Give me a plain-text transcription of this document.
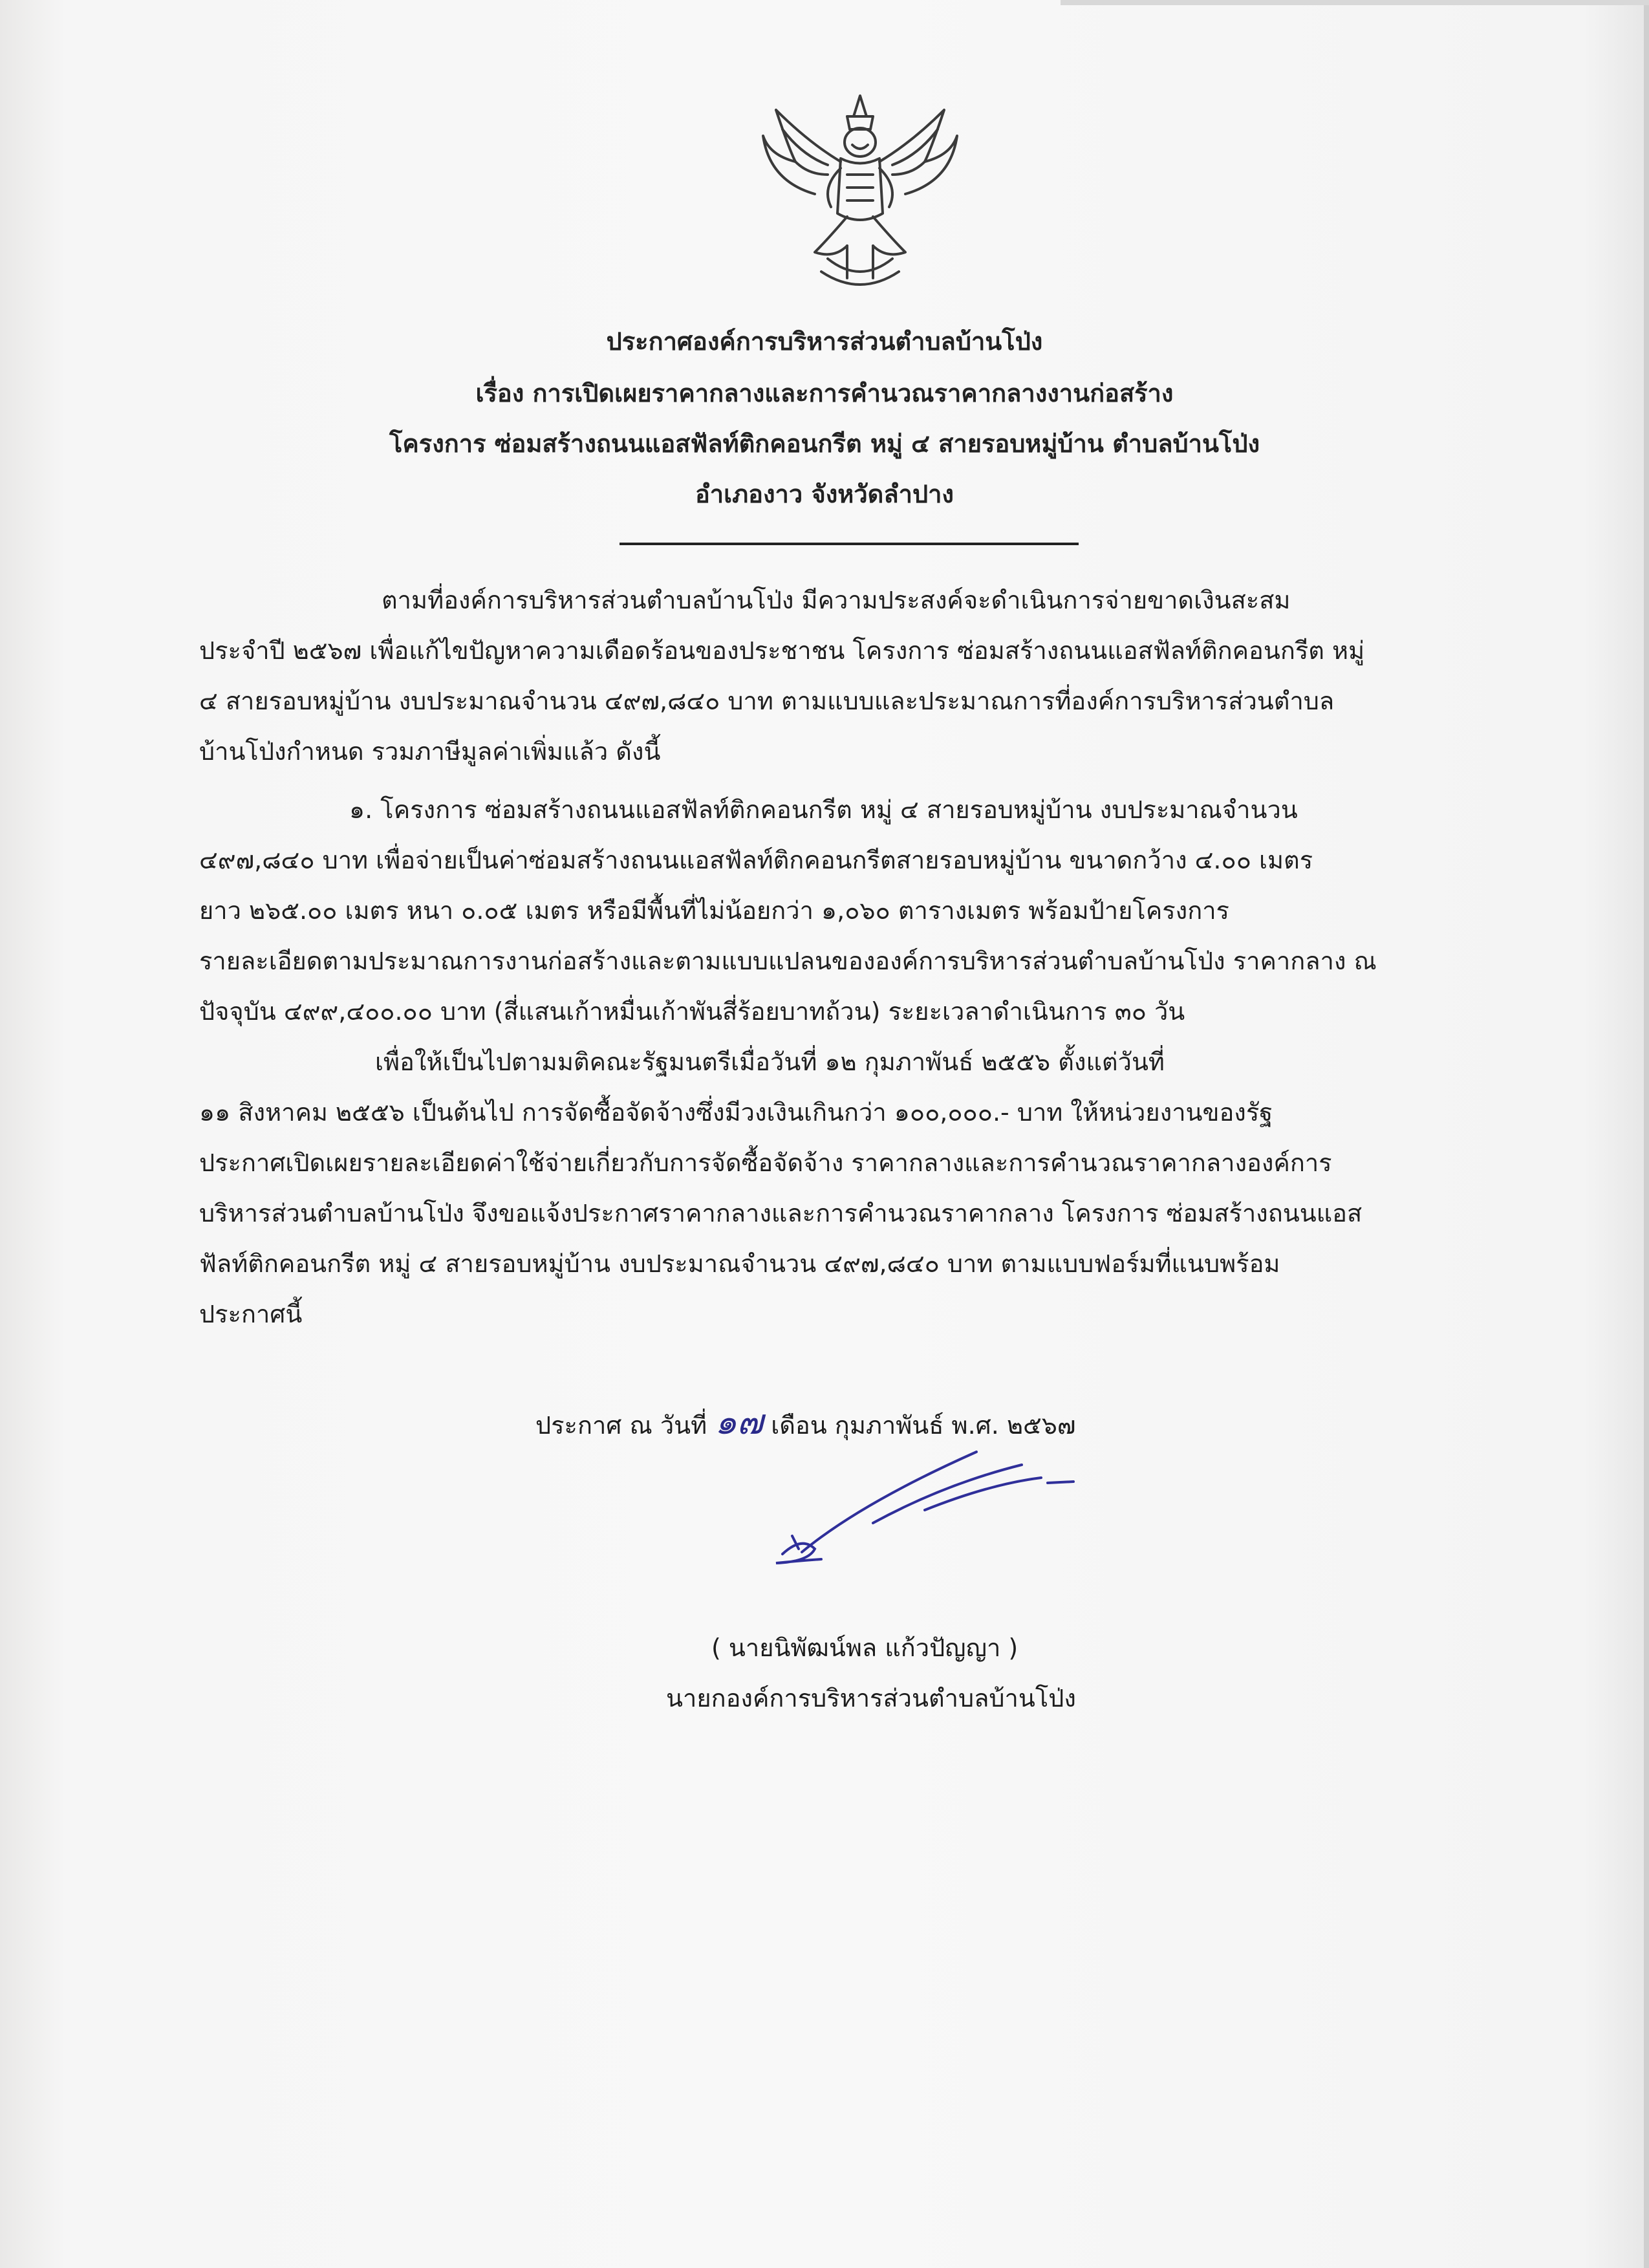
ประกาศองค์การบริหารส่วนตำบลบ้านโป่ง
เรื่อง การเปิดเผยราคากลางและการคำนวณราคากลางงานก่อสร้าง
โครงการ ซ่อมสร้างถนนแอสฟัลท์ติกคอนกรีต หมู่ ๔ สายรอบหมู่บ้าน ตำบลบ้านโป่ง
อำเภองาว จังหวัดลำปาง
ตามที่องค์การบริหารส่วนตำบลบ้านโป่ง มีความประสงค์จะดำเนินการจ่ายขาดเงินสะสม
ประจำปี ๒๕๖๗ เพื่อแก้ไขปัญหาความเดือดร้อนของประชาชน โครงการ ซ่อมสร้างถนนแอสฟัลท์ติกคอนกรีต หมู่
๔ สายรอบหมู่บ้าน งบประมาณจำนวน ๔๙๗,๘๔๐ บาท ตามแบบและประมาณการที่องค์การบริหารส่วนตำบล
บ้านโป่งกำหนด รวมภาษีมูลค่าเพิ่มแล้ว ดังนี้
๑. โครงการ ซ่อมสร้างถนนแอสฟัลท์ติกคอนกรีต หมู่ ๔ สายรอบหมู่บ้าน งบประมาณจำนวน
๔๙๗,๘๔๐ บาท เพื่อจ่ายเป็นค่าซ่อมสร้างถนนแอสฟัลท์ติกคอนกรีตสายรอบหมู่บ้าน ขนาดกว้าง ๔.๐๐ เมตร
ยาว ๒๖๕.๐๐ เมตร หนา ๐.๐๕ เมตร หรือมีพื้นที่ไม่น้อยกว่า ๑,๐๖๐ ตารางเมตร พร้อมป้ายโครงการ
รายละเอียดตามประมาณการงานก่อสร้างและตามแบบแปลนขององค์การบริหารส่วนตำบลบ้านโป่ง ราคากลาง ณ
ปัจจุบัน ๔๙๙,๔๐๐.๐๐ บาท (สี่แสนเก้าหมื่นเก้าพันสี่ร้อยบาทถ้วน) ระยะเวลาดำเนินการ ๓๐ วัน
เพื่อให้เป็นไปตามมติคณะรัฐมนตรีเมื่อวันที่ ๑๒ กุมภาพันธ์ ๒๕๕๖ ตั้งแต่วันที่
๑๑ สิงหาคม ๒๕๕๖ เป็นต้นไป การจัดซื้อจัดจ้างซึ่งมีวงเงินเกินกว่า ๑๐๐,๐๐๐.- บาท ให้หน่วยงานของรัฐ
ประกาศเปิดเผยรายละเอียดค่าใช้จ่ายเกี่ยวกับการจัดซื้อจัดจ้าง ราคากลางและการคำนวณราคากลางองค์การ
บริหารส่วนตำบลบ้านโป่ง จึงขอแจ้งประกาศราคากลางและการคำนวณราคากลาง โครงการ ซ่อมสร้างถนนแอส
ฟัลท์ติกคอนกรีต หมู่ ๔ สายรอบหมู่บ้าน งบประมาณจำนวน ๔๙๗,๘๔๐ บาท ตามแบบฟอร์มที่แนบพร้อม
ประกาศนี้
ประกาศ ณ วันที่ ๑๗ เดือน กุมภาพันธ์ พ.ศ. ๒๕๖๗
( นายนิพัฒน์พล แก้วปัญญา )
นายกองค์การบริหารส่วนตำบลบ้านโป่ง
